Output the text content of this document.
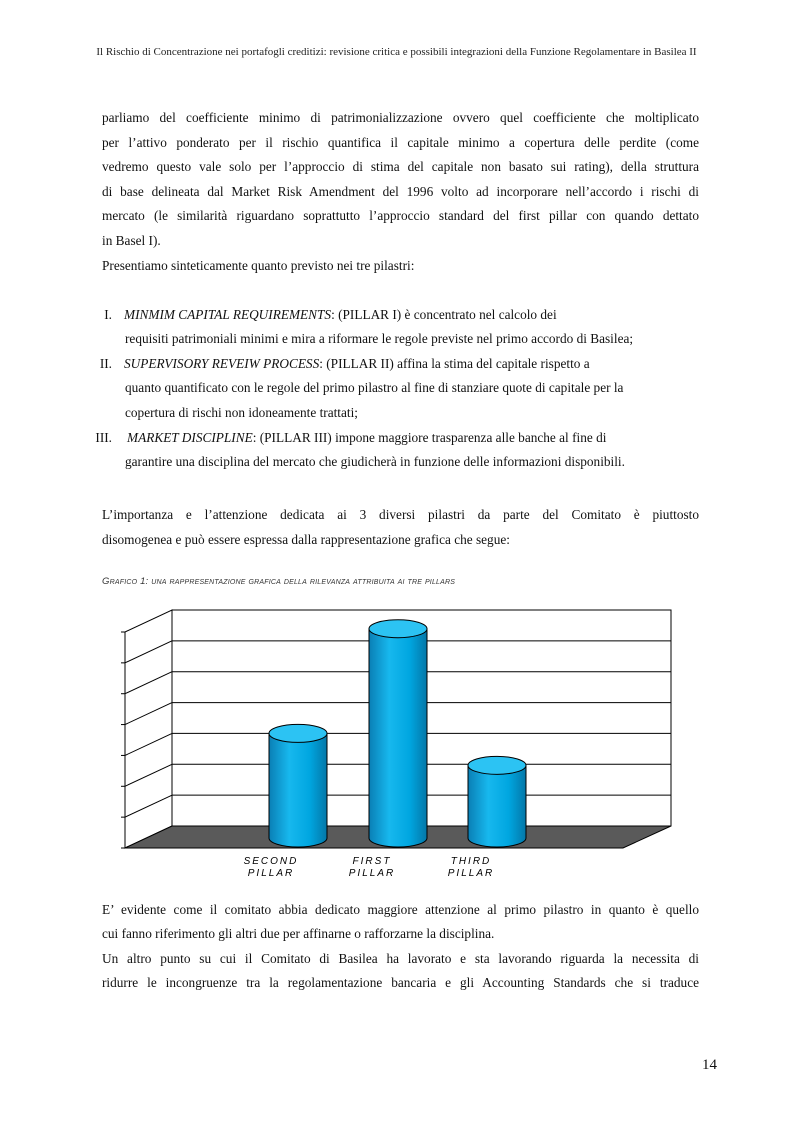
Il Rischio di Concentrazione nei portafogli creditizi: revisione critica e possibili integrazioni della Funzione Regolamentare in Basilea II

parliamo del coefficiente minimo di patrimonializzazione ovvero quel coefficiente che moltiplicato

per l’attivo ponderato per il rischio quantifica il capitale minimo a copertura delle perdite (come

vedremo questo vale solo per l’approccio di stima del capitale non basato sui rating), della struttura

di base delineata dal Market Risk Amendment del 1996 volto ad incorporare nell’accordo i rischi di

mercato (le similarità riguardano soprattutto l’approccio standard del first pillar con quando dettato

in Basel I).

Presentiamo sinteticamente quanto previsto nei tre pilastri:

I. MINMIM CAPITAL REQUIREMENTS: (PILLAR I) è concentrato nel calcolo dei

requisiti patrimoniali minimi e mira a riformare le regole previste nel primo accordo di Basilea;

II. SUPERVISORY REVEIW PROCESS: (PILLAR II) affina la stima del capitale rispetto a

quanto quantificato con le regole del primo pilastro al fine di stanziare quote di capitale per la

copertura di rischi non idoneamente trattati;

III. MARKET DISCIPLINE: (PILLAR III) impone maggiore trasparenza alle banche al fine di

garantire una disciplina del mercato che giudicherà in funzione delle informazioni disponibili.

L’importanza e l’attenzione dedicata ai 3 diversi pilastri da parte del Comitato è piuttosto

disomogenea e può essere espressa dalla rappresentazione grafica che segue:

Grafico 1: una rappresentazione grafica della rilevanza attribuita ai tre pillars
SECOND
PILLAR
FIRST
PILLAR
THIRD
PILLAR

E’ evidente come il comitato abbia dedicato maggiore attenzione al primo pilastro in quanto è quello

cui fanno riferimento gli altri due per affinarne o rafforzarne la disciplina.

Un altro punto su cui il Comitato di Basilea ha lavorato e sta lavorando riguarda la necessita di

ridurre le incongruenze tra la regolamentazione bancaria e gli Accounting Standards che si traduce

14
